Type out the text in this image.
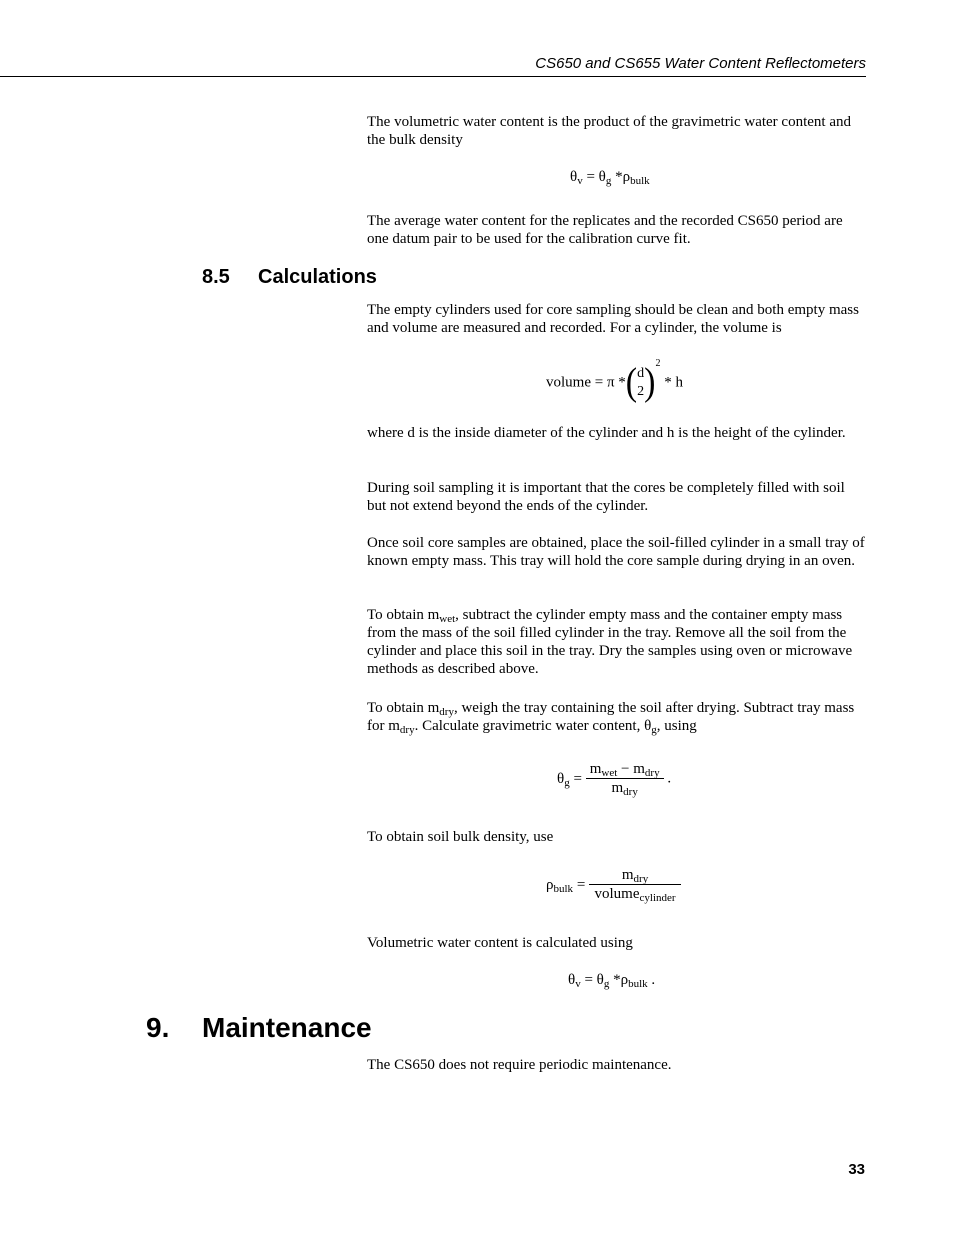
CS650 and CS655 Water Content Reflectometers

The volumetric water content is the product of the gravimetric water content and the bulk density

$\theta_v = \theta_g$ $*\rho_{bulk}$

The average water content for the replicates and the recorded CS650 period are one datum pair to be used for the calibration curve fit.

8.5 Calculations

The empty cylinders used for core sampling should be clean and both empty mass and volume are measured and recorded. For a cylinder, the volume is

volume = π *( d
2 )$^2$ * h

where d is the inside diameter of the cylinder and h is the height of the cylinder.

During soil sampling it is important that the cores be completely filled with soil but not extend beyond the ends of the cylinder.

Once soil core samples are obtained, place the soil-filled cylinder in a small tray of known empty mass. This tray will hold the core sample during drying in an oven.

To obtain $m_{wet}$, subtract the cylinder empty mass and the container empty mass from the mass of the soil filled cylinder in the tray. Remove all the soil from the cylinder and place this soil in the tray. Dry the samples using oven or microwave methods as described above.

To obtain $m_{dry}$, weigh the tray containing the soil after drying. Subtract tray mass for $m_{dry}$. Calculate gravimetric water content, $\theta_g$, using

$\theta_g = \frac{m_{wet} - m_{dry}}{m_{dry}}$ .

To obtain soil bulk density, use

$\rho_{bulk} = \frac{m_{dry}}{volume_{cylinder}}$

Volumetric water content is calculated using

$\theta_v = \theta_g$ $*\rho_{bulk}$ .
9. Maintenance

The CS650 does not require periodic maintenance.

33
